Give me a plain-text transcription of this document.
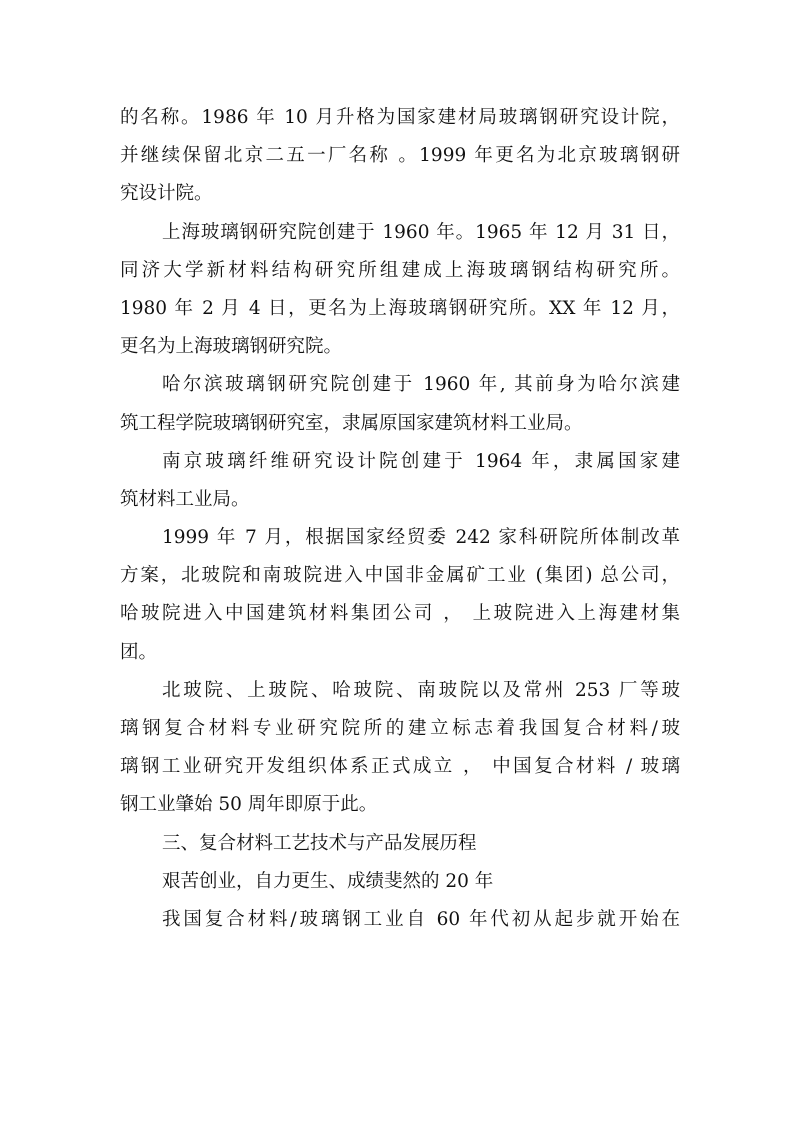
的名称。1986 年 10 月升格为国家建材局玻璃钢研究设计院，
并继续保留北京二五一厂名称 。1999 年更名为北京玻璃钢研
究设计院。
上海玻璃钢研究院创建于 1960 年。1965 年 12 月 31 日，
同济大学新材料结构研究所组建成上海玻璃钢结构研究所。
1980 年 2 月 4 日，更名为上海玻璃钢研究所。XX 年 12 月，
更名为上海玻璃钢研究院。
哈尔滨玻璃钢研究院创建于 1960 年, 其前身为哈尔滨建
筑工程学院玻璃钢研究室，隶属原国家建筑材料工业局。
南京玻璃纤维研究设计院创建于 1964 年，隶属国家建
筑材料工业局。
1999 年 7 月，根据国家经贸委 242 家科研院所体制改革
方案，北玻院和南玻院进入中国非金属矿工业 (集团) 总公司，
哈玻院进入中国建筑材料集团公司 ， 上玻院进入上海建材集
团。
北玻院、上玻院、哈玻院、南玻院以及常州 253 厂等玻
璃钢复合材料专业研究院所的建立标志着我国复合材料/玻
璃钢工业研究开发组织体系正式成立 ， 中国复合材料 / 玻璃
钢工业肇始 50 周年即原于此。
三、复合材料工艺技术与产品发展历程
艰苦创业，自力更生、成绩斐然的 20 年
我国复合材料/玻璃钢工业自 60 年代初从起步就开始在
